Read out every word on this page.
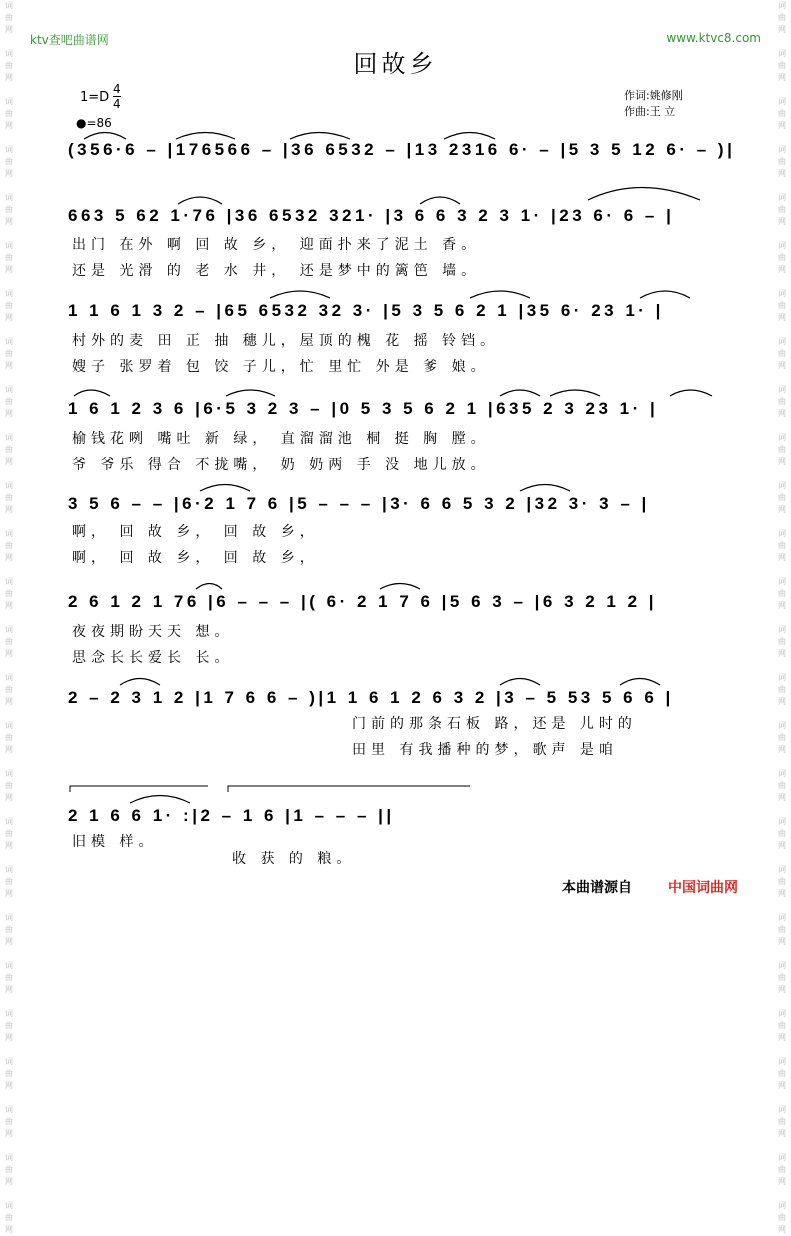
词
曲
网

词
曲
网

词
曲
网

词
曲
网

词
曲
网

词
曲
网

词
曲
网

词
曲
网

词
曲
网

词
曲
网

词
曲
网

词
曲
网

词
曲
网

词
曲
网

词
曲
网

词
曲
网

词
曲
网

词
曲
网

词
曲
网

词
曲
网

词
曲
网

词
曲
网

词
曲
网

词
曲
网

词
曲
网

词
曲
网

词
曲
网

词
曲
网

词
曲
网

词
曲
网

词
曲
网

词
曲
网

词
曲
网

词
曲
网

词
曲
网

词
曲
网

词
曲
网

词
曲
网

词
曲
网

词
曲
网

词
曲
网

词
曲
网

词
曲
网

词
曲
网

词
曲
网

词
曲
网

词
曲
网

词
曲
网

词
曲
网

词
曲
网

词
曲
网

词
曲
网

ktv查吧曲谱网	www.ktvc8.com
回故乡
1=D
4
4
●=86
作词:姚修刚
作曲:王 立
(356·6 – |176566 – |36 6532 – |13 2316 6· – |5 3 5 12 6· – )|
663 5 62 1·76 |36 6532 321· |3 6 6 3 2 3 1· |23 6· 6 – |
出门 在外 啊 回 故 乡， 迎面扑来了泥土 香。
还是 光滑 的 老 水 井， 还是梦中的篱笆 墙。
1 1 6 1 3 2 – |65 6532 32 3· |5 3 5 6 2 1 |35 6· 23 1· |
村外的麦 田 正 抽 穗儿，屋顶的槐 花 摇 铃铛。
嫂子 张罗着 包 饺 子儿，忙 里忙 外是 爹 娘。
1 6 1 2 3 6 |6·5 3 2 3 – |0 5 3 5 6 2 1 |635 2 3 23 1· |
榆钱花咧 嘴吐 新 绿， 直溜溜池 桐 挺 胸 膛。
爷 爷乐 得合 不拢嘴， 奶 奶两 手 没 地儿放。
3 5 6 – – |6·2 1 7 6 |5 – – – |3· 6 6 5 3 2 |32 3· 3 – |
啊， 回 故 乡， 回 故 乡，
啊， 回 故 乡， 回 故 乡，
2 6 1 2 1 76 |6 – – – |( 6· 2 1 7 6 |5 6 3 – |6 3 2 1 2 |
夜夜期盼天天 想。
思念长长爱长 长。
2 – 2 3 1 2 |1 7 6 6 – )|1 1 6 1 2 6 3 2 |3 – 5 53 5 6 6 |
门前的那条石板 路，还是 儿时的
田里 有我播种的梦，歌声 是咱
2 1 6 6 1· :|2 – 1 6 |1 – – – ||
旧模 样。
收 获 的 粮。
本曲谱源自	中国词曲网
